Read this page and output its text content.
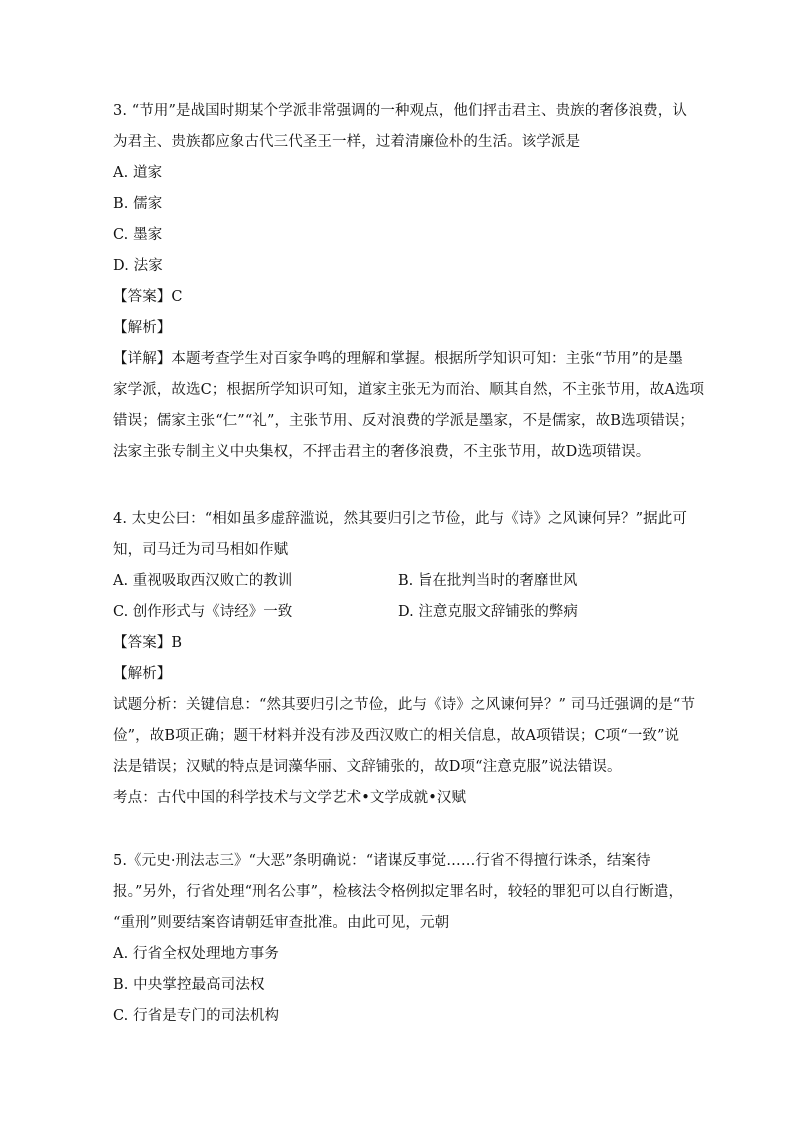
3. “节用”是战国时期某个学派非常强调的一种观点，他们抨击君主、贵族的奢侈浪费，认
为君主、贵族都应象古代三代圣王一样，过着清廉俭朴的生活。该学派是
A. 道家
B. 儒家
C. 墨家
D. 法家
【答案】C
【解析】
【详解】本题考查学生对百家争鸣的理解和掌握。根据所学知识可知：主张“节用”的是墨
家学派，故选C；根据所学知识可知，道家主张无为而治、顺其自然，不主张节用，故A选项
错误；儒家主张“仁”“礼”，主张节用、反对浪费的学派是墨家，不是儒家，故B选项错误；
法家主张专制主义中央集权，不抨击君主的奢侈浪费，不主张节用，故D选项错误。
4. 太史公曰：“相如虽多虚辞滥说，然其要归引之节俭，此与《诗》之风谏何异？”据此可
知，司马迁为司马相如作赋
A. 重视吸取西汉败亡的教训	B. 旨在批判当时的奢靡世风
C. 创作形式与《诗经》一致	D. 注意克服文辞铺张的弊病
【答案】B
【解析】
试题分析：关键信息：“然其要归引之节俭，此与《诗》之风谏何异？” 司马迁强调的是“节
俭”，故B项正确；题干材料并没有涉及西汉败亡的相关信息，故A项错误；C项“一致”说
法是错误；汉赋的特点是词藻华丽、文辞铺张的，故D项“注意克服”说法错误。
考点：古代中国的科学技术与文学艺术•文学成就•汉赋
5.《元史·刑法志三》“大恶”条明确说：“诸谋反事觉……行省不得擅行诛杀，结案待
报。”另外，行省处理“刑名公事”，检核法令格例拟定罪名时，较轻的罪犯可以自行断遣，
“重刑”则要结案咨请朝廷审查批准。由此可见，元朝
A. 行省全权处理地方事务
B. 中央掌控最高司法权
C. 行省是专门的司法机构
